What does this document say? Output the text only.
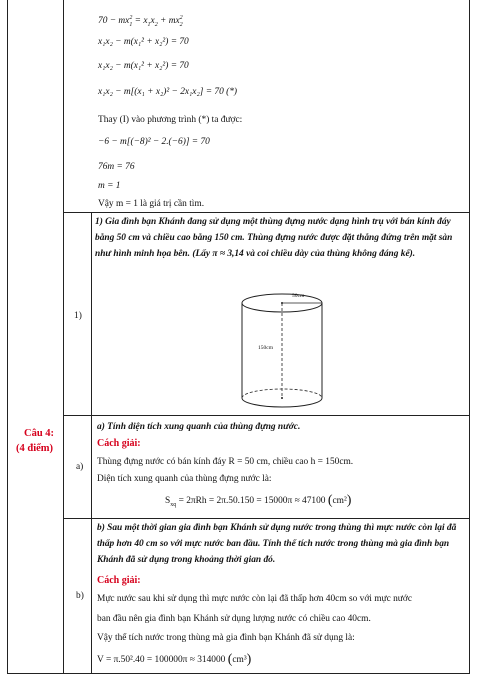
$70 - mx_1^2 = x_1x_2 + mx_2^2$
x₁x₂ − m(x₁² + x₂²) = 70
x₁x₂ − m(x₁² + x₂²) = 70
x₁x₂ − m[(x₁ + x₂)² − 2x₁x₂] = 70 (*)
Thay (I) vào phương trình (*) ta được:
−6 − m[(−8)² − 2.(−6)] = 70
76m = 76
m = 1
Vậy m = 1 là giá trị cần tìm.
Câu 4:
(4 điểm)
1)
1) Gia đình bạn Khánh đang sử dụng một thùng đựng nước dạng hình trụ với bán kính đáy bằng 50 cm và chiều cao bằng 150 cm. Thùng đựng nước được đặt thẳng đứng trên mặt sàn như hình minh họa bên. (Lấy π ≈ 3,14 và coi chiều dày của thùng không đáng kể).
50cm
150cm
a)
a) Tính diện tích xung quanh của thùng đựng nước.
Cách giải:
Thùng đựng nước có bán kính đáy R = 50 cm, chiều cao h = 150cm.
Diện tích xung quanh của thùng đựng nước là:
$S_{xq} = 2\pi Rh = 2\pi.50.150 = 15000\pi \approx 47100$ (cm²)
b)
b) Sau một thời gian gia đình bạn Khánh sử dụng nước trong thùng thì mực nước còn lại đã thấp hơn 40 cm so với mực nước ban đầu. Tính thể tích nước trong thùng mà gia đình bạn Khánh đã sử dụng trong khoảng thời gian đó.
Cách giải:
Mực nước sau khi sử dụng thì mực nước còn lại đã thấp hơn 40cm so với mực nước
ban đầu nên gia đình bạn Khánh sử dụng lượng nước có chiều cao 40cm.
Vậy thể tích nước trong thùng mà gia đình bạn Khánh đã sử dụng là:
V = π.50².40 = 100000π ≈ 314000 (cm³)
